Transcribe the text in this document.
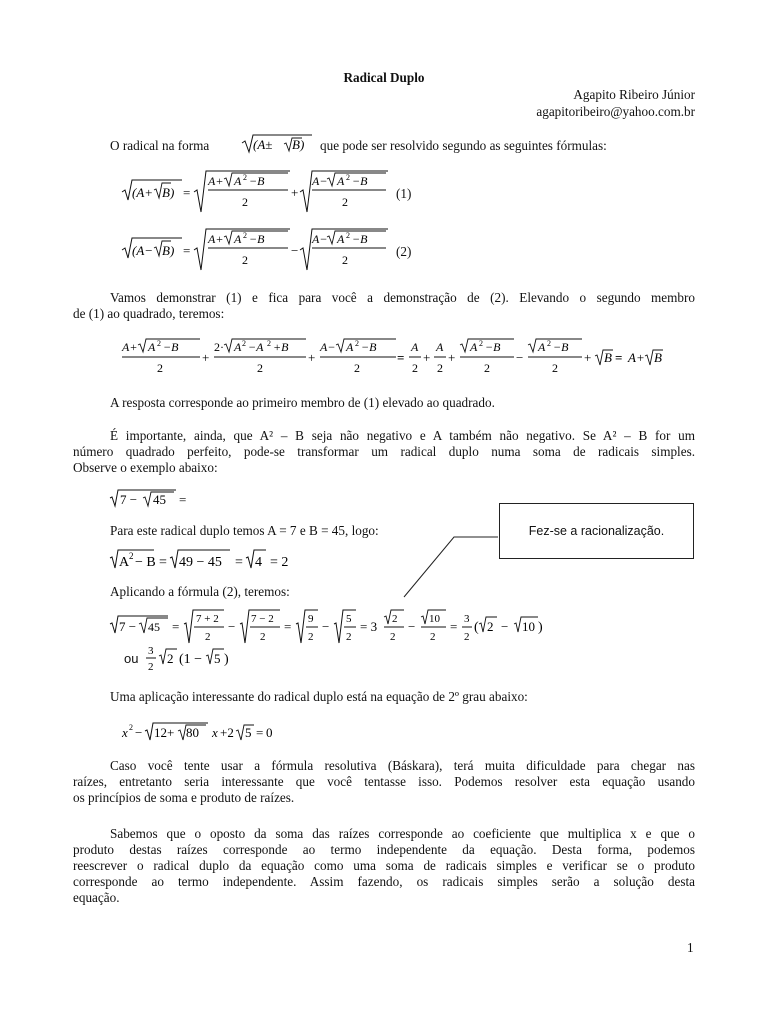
Radical Duplo
Agapito Ribeiro Júnior
agapitoribeiro@yahoo.com.br
O radical na forma	(A± B) que pode ser resolvido segundo as seguintes fórmulas:
(A+ B) =
A+ A 2 −B
2
+
A− A 2 −B
2
(1)
(A− B) =
A+ A 2 −B
2
−
A− A 2 −B
2
(2)
Vamos demonstrar (1) e fica para você a demonstração de (2). Elevando o segundo membro
de (1) ao quadrado, teremos:
A+ A 2 −B
2
+
2· A 2 −A 2 +B
2
+
A− A 2 −B
2
=
A
2
+
A
2
+
A 2 −B
2
−
A 2 −B
2
+ B = A+ B
A resposta corresponde ao primeiro membro de (1) elevado ao quadrado.
É importante, ainda, que A² – B seja não negativo e A também não negativo. Se A² – B for um
número quadrado perfeito, pode-se transformar um radical duplo numa soma de radicais simples.
Observe o exemplo abaixo:
7 − 45 =
Para este radical duplo temos A = 7 e B = 45, logo:
A 2 − B = 49 − 45 = 4 = 2
Aplicando a fórmula (2), teremos:
Fez-se a racionalização.
7 − 45 = 7 + 2
2
− 7 − 2
2
= 9
2
− 5
2
= 3 2
2
− 10
2
= 3
2
( 2 − 10 )
ou 3
2
2 (1 − 5 )
Uma aplicação interessante do radical duplo está na equação de 2º grau abaixo:
x 2 − 12+ 80 x +2 5 = 0
Caso você tente usar a fórmula resolutiva (Báskara), terá muita dificuldade para chegar nas
raízes, entretanto seria interessante que você tentasse isso. Podemos resolver esta equação usando
os princípios de soma e produto de raízes.
Sabemos que o oposto da soma das raízes corresponde ao coeficiente que multiplica x e que o
produto destas raízes corresponde ao termo independente da equação. Desta forma, podemos
reescrever o radical duplo da equação como uma soma de radicais simples e verificar se o produto
corresponde ao termo independente. Assim fazendo, os radicais simples serão a solução desta
equação.
1
